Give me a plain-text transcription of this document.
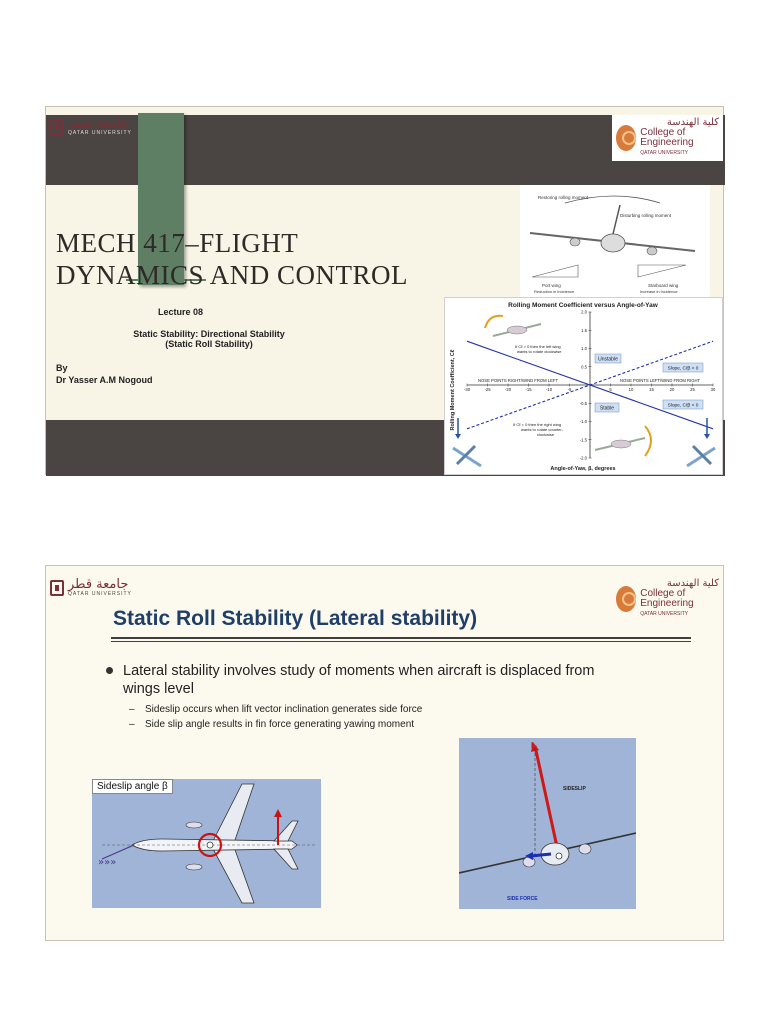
جامعة قطر
QATAR UNIVERSITY
كلية الهندسة
College of Engineering
QATAR UNIVERSITY
MECH 417–FLIGHT
DYNAMICS AND CONTROL
Lecture 08
Static Stability: Directional Stability
(Static Roll Stability)
By
Dr Yasser A.M Nogoud
Restoring rolling moment
Disturbing rolling moment
Port wing
Reduction in incidence
Starboard wing
Increase in incidence
Rolling Moment Coefficient versus Angle-of-Yaw
Angle-of-Yaw, β, degrees
Rolling Moment Coefficient, Cℓ -30	-25	-20	-15	-10	-5	5	10	15	20	25	30
2.0
1.5
1.0
0.5
-0.5
-1.0
-1.5
-2.0
NOSE POINTS RIGHT/WIND FROM LEFT	NOSE POINTS LEFT/WIND FROM RIGHT
Unstable
Stable
Slope, Cℓβ > 0
Slope, Cℓβ < 0
If Cℓ > 0 then the left wing
wants to rotate clockwise
If Cℓ < 0 then the right wing
wants to rotate counter-
clockwise
جامعة قطر
QATAR UNIVERSITY
كلية الهندسة
College of Engineering
QATAR UNIVERSITY
Static Roll Stability (Lateral stability)
Lateral stability involves study of moments when aircraft is displaced from
wings level
– Sideslip occurs when lift vector inclination generates side force
– Side slip angle results in fin force generating yawing moment
»»»
Sideslip angle β
L
SIDESLIP
SIDE FORCE
